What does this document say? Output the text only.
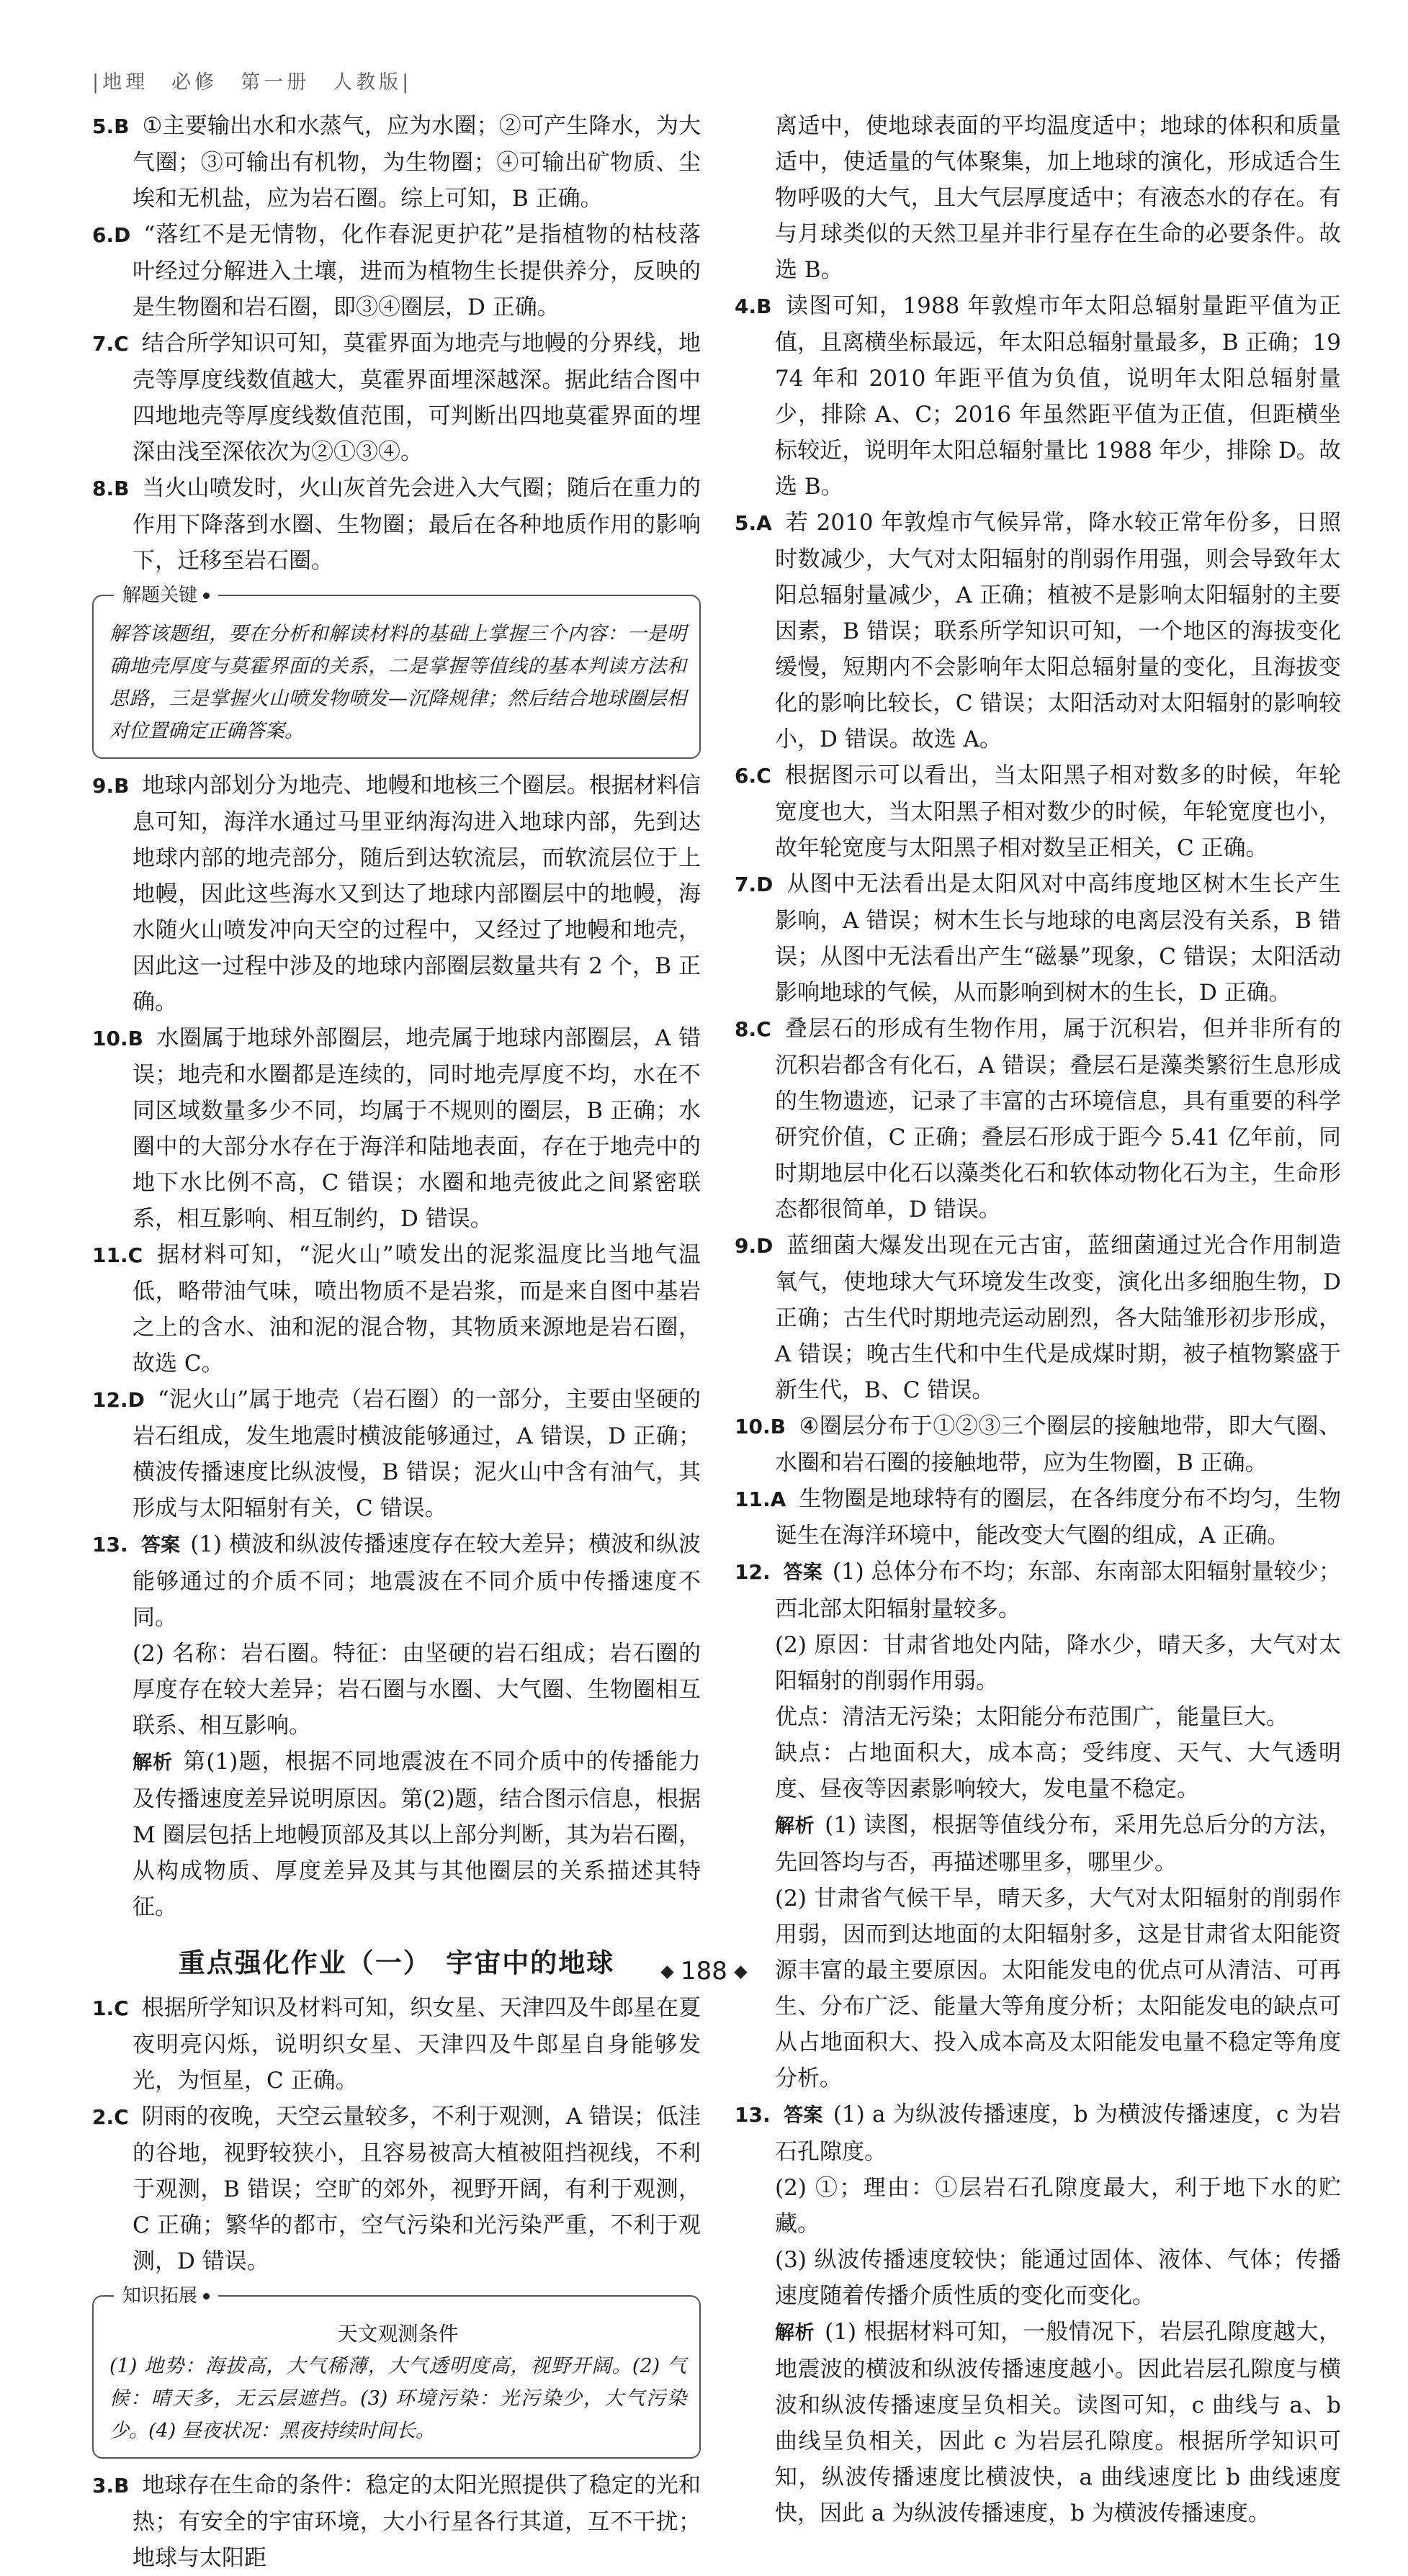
|地理　必修　第一册　人教版|

5.B ①主要输出水和水蒸气，应为水圈；②可产生降水，为大气圈；③可输出有机物，为生物圈；④可输出矿物质、尘埃和无机盐，应为岩石圈。综上可知，B 正确。

6.D “落红不是无情物，化作春泥更护花”是指植物的枯枝落叶经过分解进入土壤，进而为植物生长提供养分，反映的是生物圈和岩石圈，即③④圈层，D 正确。

7.C 结合所学知识可知，莫霍界面为地壳与地幔的分界线，地壳等厚度线数值越大，莫霍界面埋深越深。据此结合图中四地地壳等厚度线数值范围，可判断出四地莫霍界面的埋深由浅至深依次为②①③④。

8.B 当火山喷发时，火山灰首先会进入大气圈；随后在重力的作用下降落到水圈、生物圈；最后在各种地质作用的影响下，迁移至岩石圈。

解题关键
解答该题组，要在分析和解读材料的基础上掌握三个内容：一是明确地壳厚度与莫霍界面的关系，二是掌握等值线的基本判读方法和思路，三是掌握火山喷发物喷发—沉降规律；然后结合地球圈层相对位置确定正确答案。

9.B 地球内部划分为地壳、地幔和地核三个圈层。根据材料信息可知，海洋水通过马里亚纳海沟进入地球内部，先到达地球内部的地壳部分，随后到达软流层，而软流层位于上地幔，因此这些海水又到达了地球内部圈层中的地幔，海水随火山喷发冲向天空的过程中，又经过了地幔和地壳，因此这一过程中涉及的地球内部圈层数量共有 2 个，B 正确。

10.B 水圈属于地球外部圈层，地壳属于地球内部圈层，A 错误；地壳和水圈都是连续的，同时地壳厚度不均，水在不同区域数量多少不同，均属于不规则的圈层，B 正确；水圈中的大部分水存在于海洋和陆地表面，存在于地壳中的地下水比例不高，C 错误；水圈和地壳彼此之间紧密联系，相互影响、相互制约，D 错误。

11.C 据材料可知，“泥火山”喷发出的泥浆温度比当地气温低，略带油气味，喷出物质不是岩浆，而是来自图中基岩之上的含水、油和泥的混合物，其物质来源地是岩石圈，故选 C。

12.D “泥火山”属于地壳（岩石圈）的一部分，主要由坚硬的岩石组成，发生地震时横波能够通过，A 错误，D 正确；横波传播速度比纵波慢，B 错误；泥火山中含有油气，其形成与太阳辐射有关，C 错误。

13. 答案 (1) 横波和纵波传播速度存在较大差异；横波和纵波能够通过的介质不同；地震波在不同介质中传播速度不同。

(2) 名称：岩石圈。特征：由坚硬的岩石组成；岩石圈的厚度存在较大差异；岩石圈与水圈、大气圈、生物圈相互联系、相互影响。

解析 第(1)题，根据不同地震波在不同介质中的传播能力及传播速度差异说明原因。第(2)题，结合图示信息，根据 M 圈层包括上地幔顶部及其以上部分判断，其为岩石圈，从构成物质、厚度差异及其与其他圈层的关系描述其特征。

重点强化作业（一）　宇宙中的地球

1.C 根据所学知识及材料可知，织女星、天津四及牛郎星在夏夜明亮闪烁，说明织女星、天津四及牛郎星自身能够发光，为恒星，C 正确。

2.C 阴雨的夜晚，天空云量较多，不利于观测，A 错误；低洼的谷地，视野较狭小，且容易被高大植被阻挡视线，不利于观测，B 错误；空旷的郊外，视野开阔，有利于观测，C 正确；繁华的都市，空气污染和光污染严重，不利于观测，D 错误。

知识拓展
天文观测条件
(1) 地势：海拔高，大气稀薄，大气透明度高，视野开阔。(2) 气候：晴天多，无云层遮挡。(3) 环境污染：光污染少，大气污染少。(4) 昼夜状况：黑夜持续时间长。

3.B 地球存在生命的条件：稳定的太阳光照提供了稳定的光和热；有安全的宇宙环境，大小行星各行其道，互不干扰；地球与太阳距

离适中，使地球表面的平均温度适中；地球的体积和质量适中，使适量的气体聚集，加上地球的演化，形成适合生物呼吸的大气，且大气层厚度适中；有液态水的存在。有与月球类似的天然卫星并非行星存在生命的必要条件。故选 B。

4.B 读图可知，1988 年敦煌市年太阳总辐射量距平值为正值，且离横坐标最远，年太阳总辐射量最多，B 正确；1974 年和 2010 年距平值为负值，说明年太阳总辐射量少，排除 A、C；2016 年虽然距平值为正值，但距横坐标较近，说明年太阳总辐射量比 1988 年少，排除 D。故选 B。

5.A 若 2010 年敦煌市气候异常，降水较正常年份多，日照时数减少，大气对太阳辐射的削弱作用强，则会导致年太阳总辐射量减少，A 正确；植被不是影响太阳辐射的主要因素，B 错误；联系所学知识可知，一个地区的海拔变化缓慢，短期内不会影响年太阳总辐射量的变化，且海拔变化的影响比较长，C 错误；太阳活动对太阳辐射的影响较小，D 错误。故选 A。

6.C 根据图示可以看出，当太阳黑子相对数多的时候，年轮宽度也大，当太阳黑子相对数少的时候，年轮宽度也小，故年轮宽度与太阳黑子相对数呈正相关，C 正确。

7.D 从图中无法看出是太阳风对中高纬度地区树木生长产生影响，A 错误；树木生长与地球的电离层没有关系，B 错误；从图中无法看出产生“磁暴”现象，C 错误；太阳活动影响地球的气候，从而影响到树木的生长，D 正确。

8.C 叠层石的形成有生物作用，属于沉积岩，但并非所有的沉积岩都含有化石，A 错误；叠层石是藻类繁衍生息形成的生物遗迹，记录了丰富的古环境信息，具有重要的科学研究价值，C 正确；叠层石形成于距今 5.41 亿年前，同时期地层中化石以藻类化石和软体动物化石为主，生命形态都很简单，D 错误。

9.D 蓝细菌大爆发出现在元古宙，蓝细菌通过光合作用制造氧气，使地球大气环境发生改变，演化出多细胞生物，D 正确；古生代时期地壳运动剧烈，各大陆雏形初步形成，A 错误；晚古生代和中生代是成煤时期，被子植物繁盛于新生代，B、C 错误。

10.B ④圈层分布于①②③三个圈层的接触地带，即大气圈、水圈和岩石圈的接触地带，应为生物圈，B 正确。

11.A 生物圈是地球特有的圈层，在各纬度分布不均匀，生物诞生在海洋环境中，能改变大气圈的组成，A 正确。

12. 答案 (1) 总体分布不均；东部、东南部太阳辐射量较少；西北部太阳辐射量较多。

(2) 原因：甘肃省地处内陆，降水少，晴天多，大气对太阳辐射的削弱作用弱。

优点：清洁无污染；太阳能分布范围广，能量巨大。

缺点：占地面积大，成本高；受纬度、天气、大气透明度、昼夜等因素影响较大，发电量不稳定。

解析 (1) 读图，根据等值线分布，采用先总后分的方法，先回答均与否，再描述哪里多，哪里少。

(2) 甘肃省气候干旱，晴天多，大气对太阳辐射的削弱作用弱，因而到达地面的太阳辐射多，这是甘肃省太阳能资源丰富的最主要原因。太阳能发电的优点可从清洁、可再生、分布广泛、能量大等角度分析；太阳能发电的缺点可从占地面积大、投入成本高及太阳能发电量不稳定等角度分析。

13. 答案 (1) a 为纵波传播速度，b 为横波传播速度，c 为岩石孔隙度。

(2) ①；理由：①层岩石孔隙度最大，利于地下水的贮藏。

(3) 纵波传播速度较快；能通过固体、液体、气体；传播速度随着传播介质性质的变化而变化。

解析 (1) 根据材料可知，一般情况下，岩层孔隙度越大，地震波的横波和纵波传播速度越小。因此岩层孔隙度与横波和纵波传播速度呈负相关。读图可知，c 曲线与 a、b 曲线呈负相关，因此 c 为岩层孔隙度。根据所学知识可知，纵波传播速度比横波快，a 曲线速度比 b 曲线速度快，因此 a 为纵波传播速度，b 为横波传播速度。

188
